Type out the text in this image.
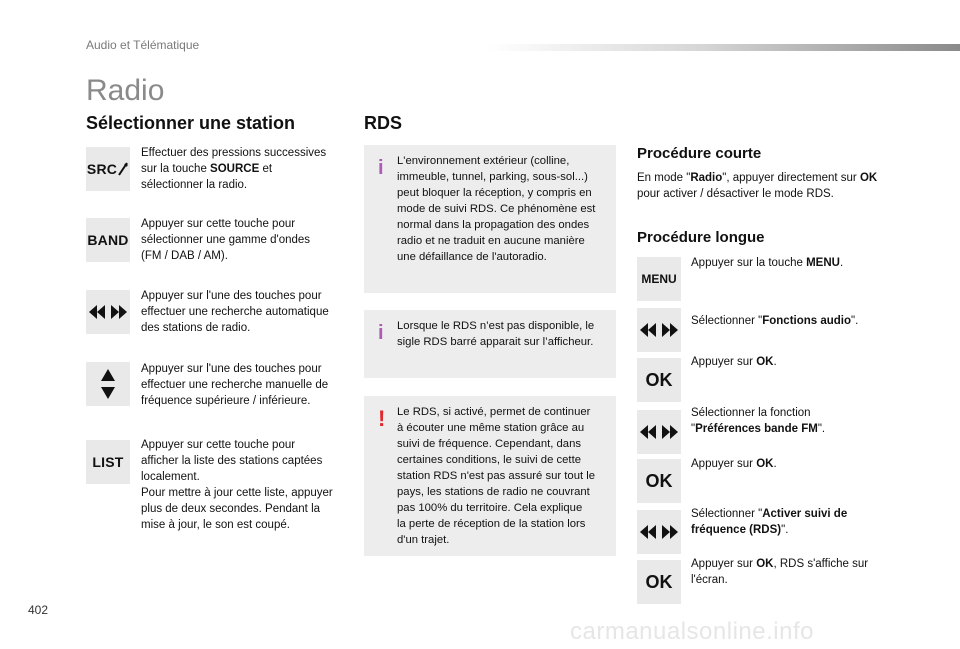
Audio et Télématique
Radio
Sélectionner une station
SRC
Effectuer des pressions successives
sur la touche SOURCE et
sélectionner la radio.
BAND
Appuyer sur cette touche pour
sélectionner une gamme d'ondes
(FM / DAB / AM).
Appuyer sur l'une des touches pour
effectuer une recherche automatique
des stations de radio.
Appuyer sur l'une des touches pour
effectuer une recherche manuelle de
fréquence supérieure / inférieure.
LIST
Appuyer sur cette touche pour
afficher la liste des stations captées
localement.
Pour mettre à jour cette liste, appuyer
plus de deux secondes. Pendant la
mise à jour, le son est coupé.
RDS
i L'environnement extérieur (colline,
immeuble, tunnel, parking, sous-sol...)
peut bloquer la réception, y compris en
mode de suivi RDS. Ce phénomène est
normal dans la propagation des ondes
radio et ne traduit en aucune manière
une défaillance de l'autoradio.
i Lorsque le RDS n’est pas disponible, le
sigle RDS barré apparait sur l’afficheur.
! Le RDS, si activé, permet de continuer
à écouter une même station grâce au
suivi de fréquence. Cependant, dans
certaines conditions, le suivi de cette
station RDS n'est pas assuré sur tout le
pays, les stations de radio ne couvrant
pas 100% du territoire. Cela explique
la perte de réception de la station lors
d'un trajet.
Procédure courte
En mode "Radio", appuyer directement sur OK
pour activer / désactiver le mode RDS.
Procédure longue
MENU
Appuyer sur la touche MENU.
Sélectionner "Fonctions audio".
OK
Appuyer sur OK.
Sélectionner la fonction
"Préférences bande FM".
OK
Appuyer sur OK.
Sélectionner "Activer suivi de
fréquence (RDS)".
OK
Appuyer sur OK, RDS s'affiche sur
l'écran.
402
carmanualsonline.info
